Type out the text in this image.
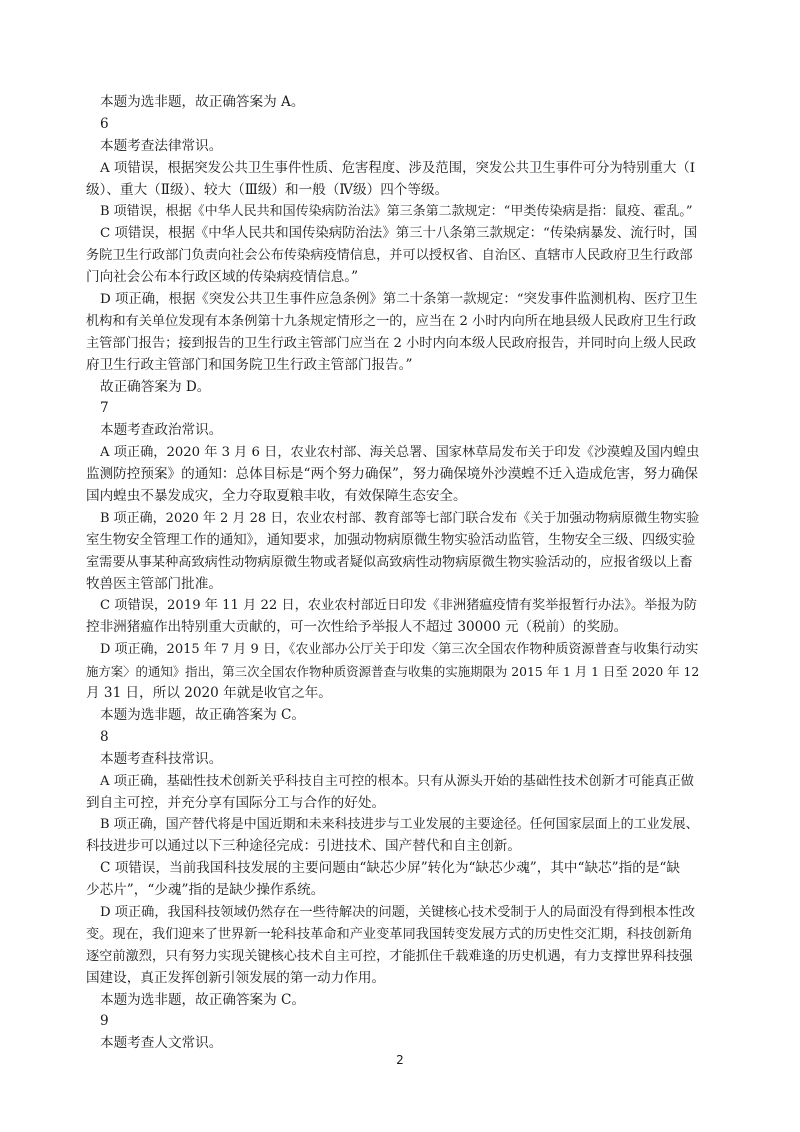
本题为选非题，故正确答案为 A。
6
本题考查法律常识。
A 项错误，根据突发公共卫生事件性质、危害程度、涉及范围，突发公共卫生事件可分为特别重大（Ⅰ
级）、重大（Ⅱ级）、较大（Ⅲ级）和一般（Ⅳ级）四个等级。
B 项错误，根据《中华人民共和国传染病防治法》第三条第二款规定：“甲类传染病是指：鼠疫、霍乱。”
C 项错误，根据《中华人民共和国传染病防治法》第三十八条第三款规定：“传染病暴发、流行时，国
务院卫生行政部门负责向社会公布传染病疫情信息，并可以授权省、自治区、直辖市人民政府卫生行政部
门向社会公布本行政区域的传染病疫情信息。”
D 项正确，根据《突发公共卫生事件应急条例》第二十条第一款规定：“突发事件监测机构、医疗卫生
机构和有关单位发现有本条例第十九条规定情形之一的，应当在 2 小时内向所在地县级人民政府卫生行政
主管部门报告；接到报告的卫生行政主管部门应当在 2 小时内向本级人民政府报告，并同时向上级人民政
府卫生行政主管部门和国务院卫生行政主管部门报告。”
故正确答案为 D。
7
本题考查政治常识。
A 项正确，2020 年 3 月 6 日，农业农村部、海关总署、国家林草局发布关于印发《沙漠蝗及国内蝗虫
监测防控预案》的通知：总体目标是“两个努力确保”，努力确保境外沙漠蝗不迁入造成危害，努力确保
国内蝗虫不暴发成灾，全力夺取夏粮丰收，有效保障生态安全。
B 项正确，2020 年 2 月 28 日，农业农村部、教育部等七部门联合发布《关于加强动物病原微生物实验
室生物安全管理工作的通知》，通知要求，加强动物病原微生物实验活动监管，生物安全三级、四级实验
室需要从事某种高致病性动物病原微生物或者疑似高致病性动物病原微生物实验活动的，应报省级以上畜
牧兽医主管部门批准。
C 项错误，2019 年 11 月 22 日，农业农村部近日印发《非洲猪瘟疫情有奖举报暂行办法》。举报为防
控非洲猪瘟作出特别重大贡献的，可一次性给予举报人不超过 30000 元（税前）的奖励。
D 项正确，2015 年 7 月 9 日，《农业部办公厅关于印发〈第三次全国农作物种质资源普查与收集行动实
施方案〉的通知》指出，第三次全国农作物种质资源普查与收集的实施期限为 2015 年 1 月 1 日至 2020 年 12
月 31 日，所以 2020 年就是收官之年。
本题为选非题，故正确答案为 C。
8
本题考查科技常识。
A 项正确，基础性技术创新关乎科技自主可控的根本。只有从源头开始的基础性技术创新才可能真正做
到自主可控，并充分享有国际分工与合作的好处。
B 项正确，国产替代将是中国近期和未来科技进步与工业发展的主要途径。任何国家层面上的工业发展、
科技进步可以通过以下三种途径完成：引进技术、国产替代和自主创新。
C 项错误，当前我国科技发展的主要问题由“缺芯少屏”转化为“缺芯少魂”，其中“缺芯”指的是“缺
少芯片”，“少魂”指的是缺少操作系统。
D 项正确，我国科技领域仍然存在一些待解决的问题，关键核心技术受制于人的局面没有得到根本性改
变。现在，我们迎来了世界新一轮科技革命和产业变革同我国转变发展方式的历史性交汇期，科技创新角
逐空前激烈，只有努力实现关键核心技术自主可控，才能抓住千载难逢的历史机遇，有力支撑世界科技强
国建设，真正发挥创新引领发展的第一动力作用。
本题为选非题，故正确答案为 C。
9
本题考查人文常识。
2
